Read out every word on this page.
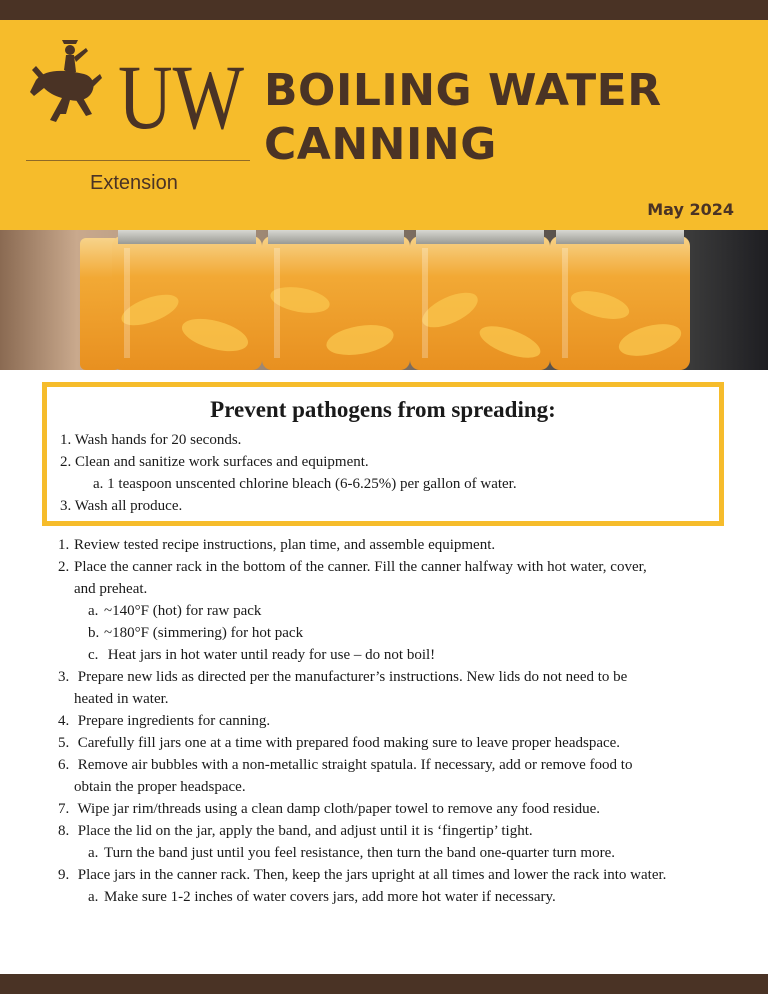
UW
Extension
BOILING WATER
CANNING
May 2024
Prevent pathogens from spreading:
1. Wash hands for 20 seconds.
2. Clean and sanitize work surfaces and equipment.
a. 1 teaspoon unscented chlorine bleach (6-6.25%) per gallon of water.
3. Wash all produce.
1. Review tested recipe instructions, plan time, and assemble equipment.
2. Place the canner rack in the bottom of the canner. Fill the canner halfway with hot water, cover,
and preheat.
a. ~140°F (hot) for raw pack
b. ~180°F (simmering) for hot pack
c. Heat jars in hot water until ready for use – do not boil!
3. Prepare new lids as directed per the manufacturer’s instructions. New lids do not need to be
heated in water.
4. Prepare ingredients for canning.
5. Carefully fill jars one at a time with prepared food making sure to leave proper headspace.
6. Remove air bubbles with a non-metallic straight spatula. If necessary, add or remove food to
obtain the proper headspace.
7. Wipe jar rim/threads using a clean damp cloth/paper towel to remove any food residue.
8. Place the lid on the jar, apply the band, and adjust until it is ‘fingertip’ tight.
a. Turn the band just until you feel resistance, then turn the band one-quarter turn more.
9. Place jars in the canner rack. Then, keep the jars upright at all times and lower the rack into water.
a. Make sure 1-2 inches of water covers jars, add more hot water if necessary.
